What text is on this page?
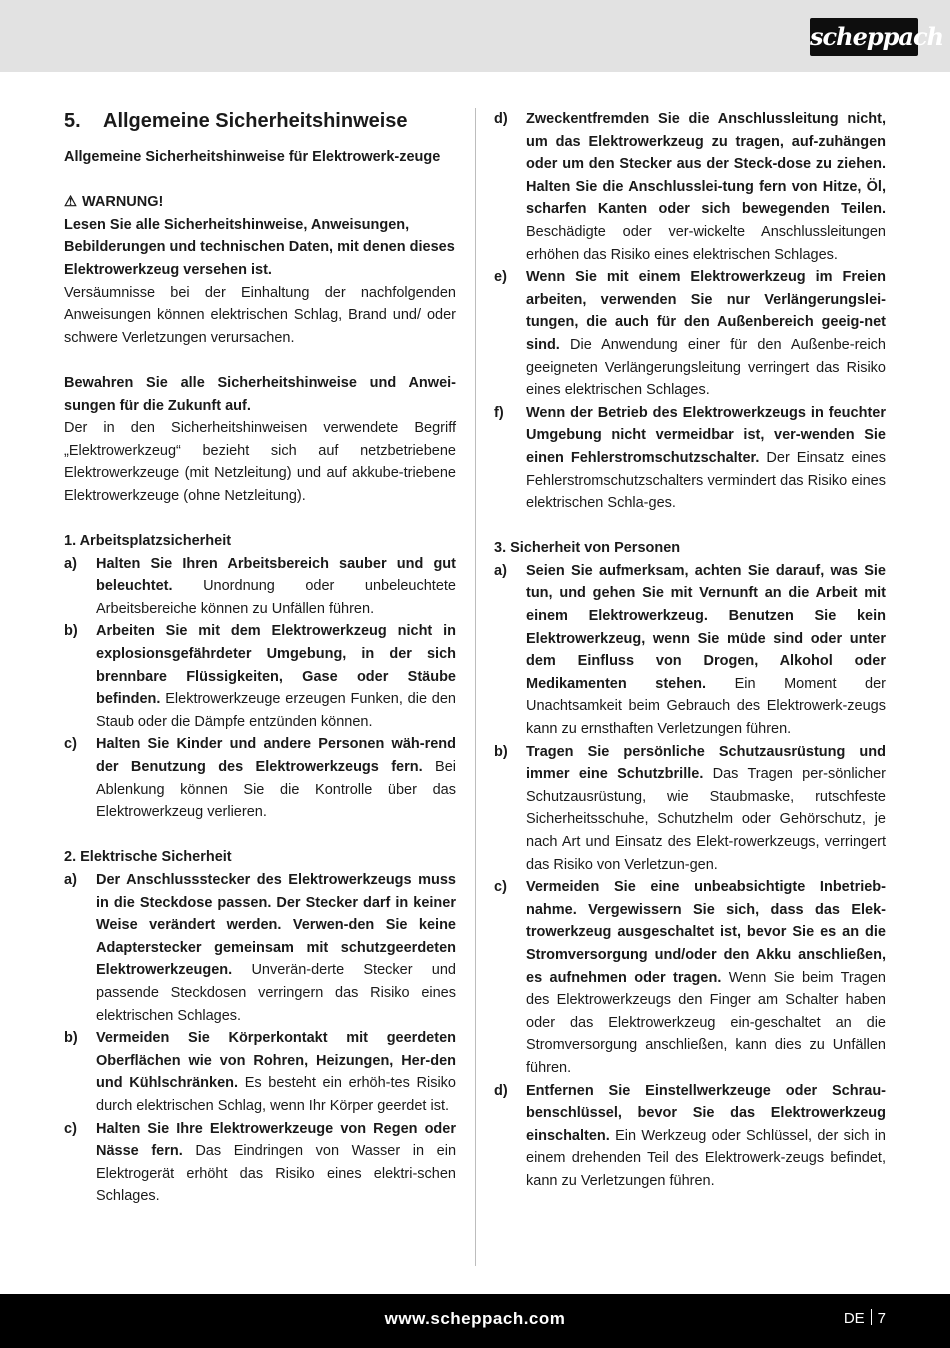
scheppach
5.	Allgemeine Sicherheitshinweise

Allgemeine Sicherheitshinweise für Elektrowerk-zeuge

⚠ WARNUNG!

Lesen Sie alle Sicherheitshinweise, Anweisungen, Bebilderungen und technischen Daten, mit denen dieses Elektrowerkzeug versehen ist.

Versäumnisse bei der Einhaltung der nachfolgenden Anweisungen können elektrischen Schlag, Brand und/ oder schwere Verletzungen verursachen.

Bewahren Sie alle Sicherheitshinweise und Anwei-sungen für die Zukunft auf.

Der in den Sicherheitshinweisen verwendete Begriff „Elektrowerkzeug“ bezieht sich auf netzbetriebene Elektrowerkzeuge (mit Netzleitung) und auf akkube-triebene Elektrowerkzeuge (ohne Netzleitung).

1. Arbeitsplatzsicherheit
a)	Halten Sie Ihren Arbeitsbereich sauber und gut beleuchtet. Unordnung oder unbeleuchtete Arbeitsbereiche können zu Unfällen führen.
b)	Arbeiten Sie mit dem Elektrowerkzeug nicht in explosionsgefährdeter Umgebung, in der sich brennbare Flüssigkeiten, Gase oder Stäube befinden. Elektrowerkzeuge erzeugen Funken, die den Staub oder die Dämpfe entzünden können.
c)	Halten Sie Kinder und andere Personen wäh-rend der Benutzung des Elektrowerkzeugs fern. Bei Ablenkung können Sie die Kontrolle über das Elektrowerkzeug verlieren.
2. Elektrische Sicherheit
a)	Der Anschlussstecker des Elektrowerkzeugs muss in die Steckdose passen. Der Stecker darf in keiner Weise verändert werden. Verwen-den Sie keine Adapterstecker gemeinsam mit schutzgeerdeten Elektrowerkzeugen. Unverän-derte Stecker und passende Steckdosen verringern das Risiko eines elektrischen Schlages.
b)	Vermeiden Sie Körperkontakt mit geerdeten Oberflächen wie von Rohren, Heizungen, Her-den und Kühlschränken. Es besteht ein erhöh-tes Risiko durch elektrischen Schlag, wenn Ihr Körper geerdet ist.
c)	Halten Sie Ihre Elektrowerkzeuge von Regen oder Nässe fern. Das Eindringen von Wasser in ein Elektrogerät erhöht das Risiko eines elektri-schen Schlages.
d)	Zweckentfremden Sie die Anschlussleitung nicht, um das Elektrowerkzeug zu tragen, auf-zuhängen oder um den Stecker aus der Steck-dose zu ziehen. Halten Sie die Anschlusslei-tung fern von Hitze, Öl, scharfen Kanten oder sich bewegenden Teilen. Beschädigte oder ver-wickelte Anschlussleitungen erhöhen das Risiko eines elektrischen Schlages.
e)	Wenn Sie mit einem Elektrowerkzeug im Freien arbeiten, verwenden Sie nur Verlängerungslei-tungen, die auch für den Außenbereich geeig-net sind. Die Anwendung einer für den Außenbe-reich geeigneten Verlängerungsleitung verringert das Risiko eines elektrischen Schlages.
f)	Wenn der Betrieb des Elektrowerkzeugs in feuchter Umgebung nicht vermeidbar ist, ver-wenden Sie einen Fehlerstromschutzschalter. Der Einsatz eines Fehlerstromschutzschalters vermindert das Risiko eines elektrischen Schla-ges.
3. Sicherheit von Personen
a)	Seien Sie aufmerksam, achten Sie darauf, was Sie tun, und gehen Sie mit Vernunft an die Arbeit mit einem Elektrowerkzeug. Benutzen Sie kein Elektrowerkzeug, wenn Sie müde sind oder unter dem Einfluss von Drogen, Alkohol oder Medikamenten stehen. Ein Moment der Unachtsamkeit beim Gebrauch des Elektrowerk-zeugs kann zu ernsthaften Verletzungen führen.
b)	Tragen Sie persönliche Schutzausrüstung und immer eine Schutzbrille. Das Tragen per-sönlicher Schutzausrüstung, wie Staubmaske, rutschfeste Sicherheitsschuhe, Schutzhelm oder Gehörschutz, je nach Art und Einsatz des Elekt-rowerkzeugs, verringert das Risiko von Verletzun-gen.
c)	Vermeiden Sie eine unbeabsichtigte Inbetrieb-nahme. Vergewissern Sie sich, dass das Elek-trowerkzeug ausgeschaltet ist, bevor Sie es an die Stromversorgung und/oder den Akku anschließen, es aufnehmen oder tragen. Wenn Sie beim Tragen des Elektrowerkzeugs den Finger am Schalter haben oder das Elektrowerkzeug ein-geschaltet an die Stromversorgung anschließen, kann dies zu Unfällen führen.
d)	Entfernen Sie Einstellwerkzeuge oder Schrau-benschlüssel, bevor Sie das Elektrowerkzeug einschalten. Ein Werkzeug oder Schlüssel, der sich in einem drehenden Teil des Elektrowerk-zeugs befindet, kann zu Verletzungen führen.
www.scheppach.com	DE 7
